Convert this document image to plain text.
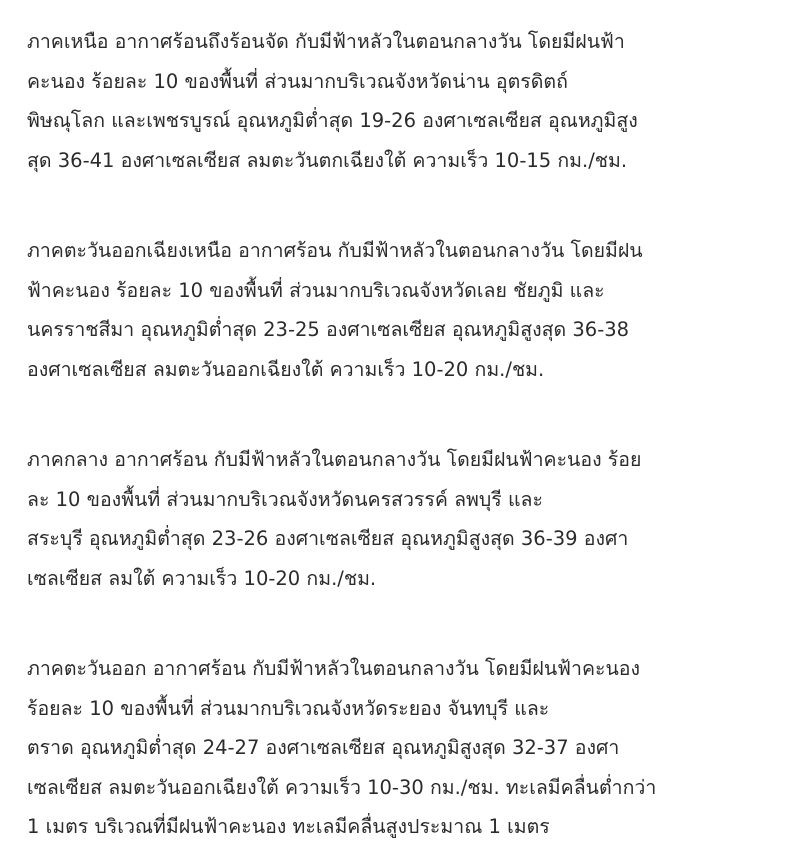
ภาคเหนือ อากาศร้อนถึงร้อนจัด กับมีฟ้าหลัวในตอนกลางวัน โดยมีฝนฟ้า
คะนอง ร้อยละ 10 ของพื้นที่ ส่วนมากบริเวณจังหวัดน่าน อุตรดิตถ์
พิษณุโลก และเพชรบูรณ์ อุณหภูมิต่ำสุด 19-26 องศาเซลเซียส อุณหภูมิสูง
สุด 36-41 องศาเซลเซียส ลมตะวันตกเฉียงใต้ ความเร็ว 10-15 กม./ชม.

ภาคตะวันออกเฉียงเหนือ อากาศร้อน กับมีฟ้าหลัวในตอนกลางวัน โดยมีฝน
ฟ้าคะนอง ร้อยละ 10 ของพื้นที่ ส่วนมากบริเวณจังหวัดเลย ชัยภูมิ และ
นครราชสีมา อุณหภูมิต่ำสุด 23-25 องศาเซลเซียส อุณหภูมิสูงสุด 36-38
องศาเซลเซียส ลมตะวันออกเฉียงใต้ ความเร็ว 10-20 กม./ชม.

ภาคกลาง อากาศร้อน กับมีฟ้าหลัวในตอนกลางวัน โดยมีฝนฟ้าคะนอง ร้อย
ละ 10 ของพื้นที่ ส่วนมากบริเวณจังหวัดนครสวรรค์ ลพบุรี และ
สระบุรี อุณหภูมิต่ำสุด 23-26 องศาเซลเซียส อุณหภูมิสูงสุด 36-39 องศา
เซลเซียส ลมใต้ ความเร็ว 10-20 กม./ชม.

ภาคตะวันออก อากาศร้อน กับมีฟ้าหลัวในตอนกลางวัน โดยมีฝนฟ้าคะนอง
ร้อยละ 10 ของพื้นที่ ส่วนมากบริเวณจังหวัดระยอง จันทบุรี และ
ตราด อุณหภูมิต่ำสุด 24-27 องศาเซลเซียส อุณหภูมิสูงสุด 32-37 องศา
เซลเซียส ลมตะวันออกเฉียงใต้ ความเร็ว 10-30 กม./ชม. ทะเลมีคลื่นต่ำกว่า
1 เมตร บริเวณที่มีฝนฟ้าคะนอง ทะเลมีคลื่นสูงประมาณ 1 เมตร
